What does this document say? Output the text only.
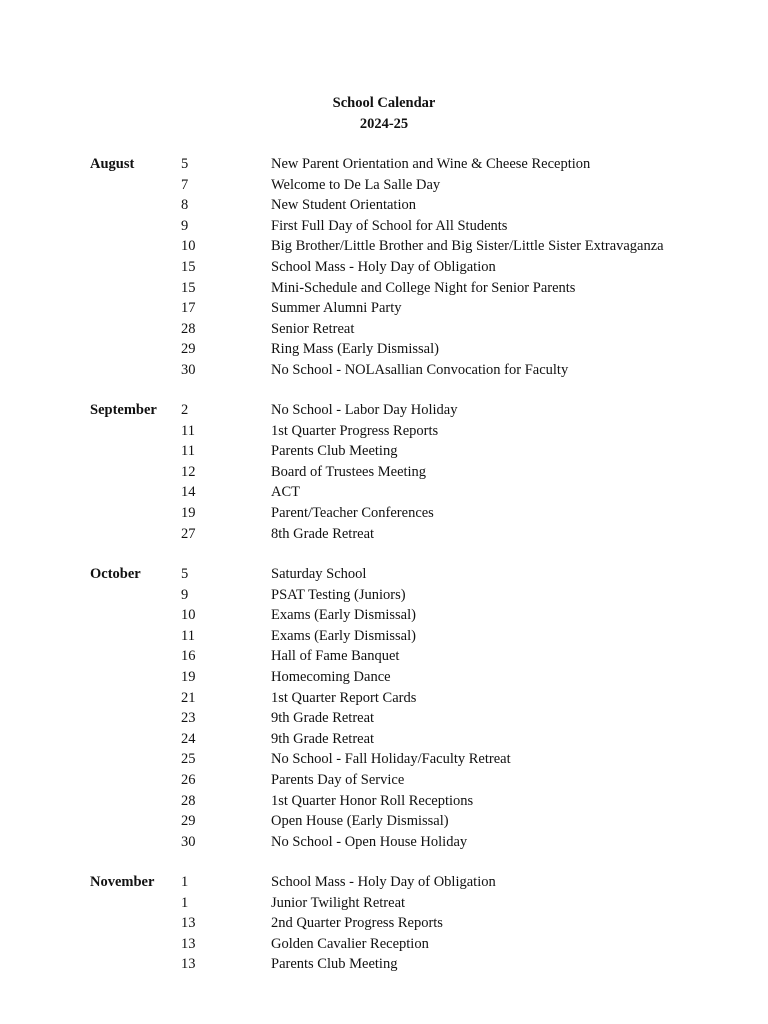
School Calendar
2024-25
August	5	New Parent Orientation and Wine & Cheese Reception
7	Welcome to De La Salle Day
8	New Student Orientation
9	First Full Day of School for All Students
10	Big Brother/Little Brother and Big Sister/Little Sister Extravaganza
15	School Mass - Holy Day of Obligation
15	Mini-Schedule and College Night for Senior Parents
17	Summer Alumni Party
28	Senior Retreat
29	Ring Mass (Early Dismissal)
30	No School - NOLAsallian Convocation for Faculty
September 2	No School - Labor Day Holiday
11	1st Quarter Progress Reports
11	Parents Club Meeting
12	Board of Trustees Meeting
14	ACT
19	Parent/Teacher Conferences
27	8th Grade Retreat
October	5	Saturday School
9	PSAT Testing (Juniors)
10	Exams (Early Dismissal)
11	Exams (Early Dismissal)
16	Hall of Fame Banquet
19	Homecoming Dance
21	1st Quarter Report Cards
23	9th Grade Retreat
24	9th Grade Retreat
25	No School - Fall Holiday/Faculty Retreat
26	Parents Day of Service
28	1st Quarter Honor Roll Receptions
29	Open House (Early Dismissal)
30	No School - Open House Holiday
November 1	School Mass - Holy Day of Obligation
1	Junior Twilight Retreat
13	2nd Quarter Progress Reports
13	Golden Cavalier Reception
13	Parents Club Meeting
